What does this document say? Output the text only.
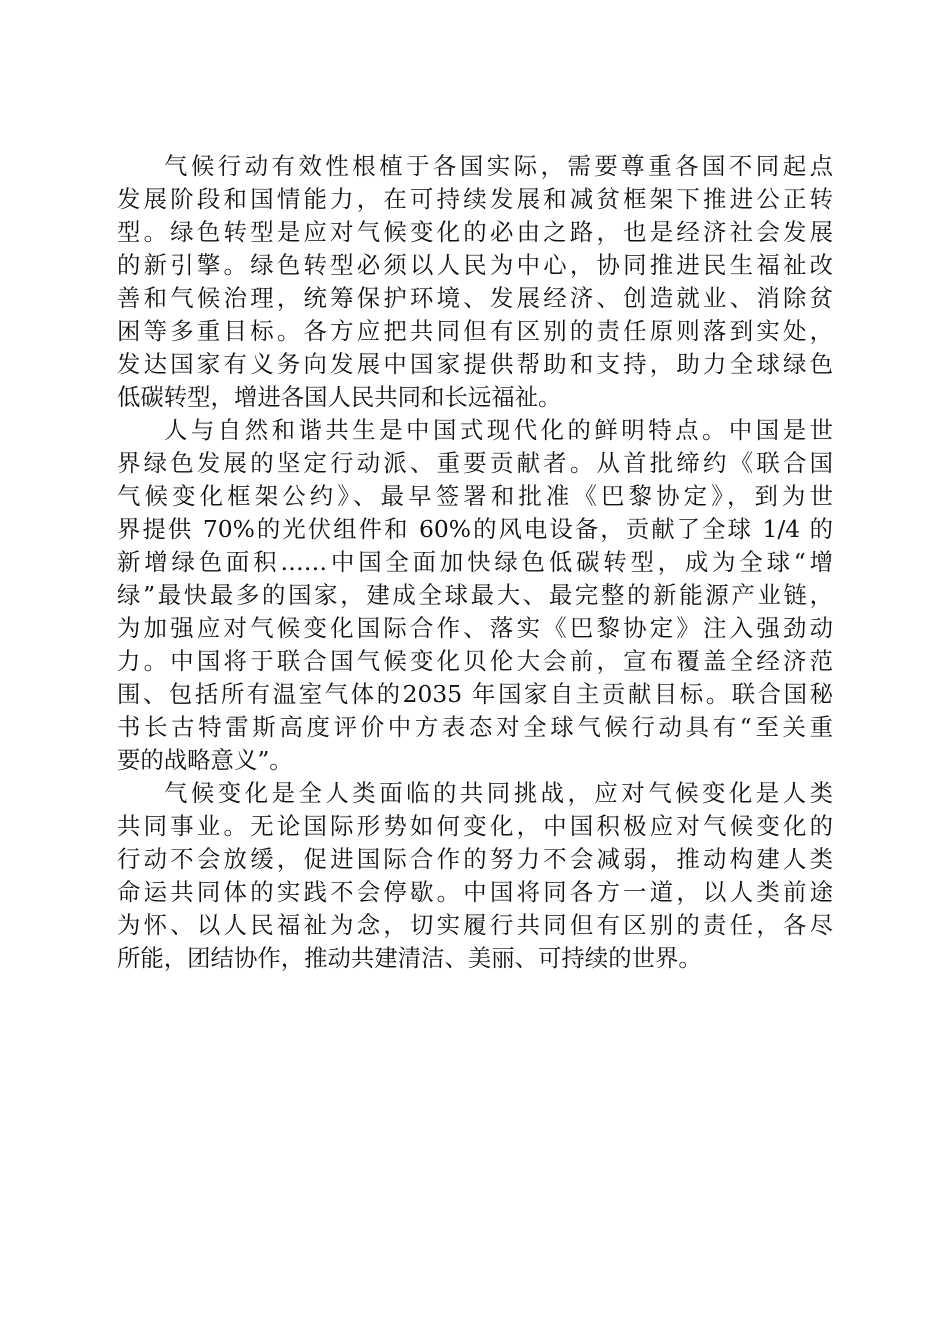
气候行动有效性根植于各国实际，需要尊重各国不同起点
发展阶段和国情能力，在可持续发展和减贫框架下推进公正转
型。绿色转型是应对气候变化的必由之路，也是经济社会发展
的新引擎。绿色转型必须以人民为中心，协同推进民生福祉改
善和气候治理，统筹保护环境、发展经济、创造就业、消除贫
困等多重目标。各方应把共同但有区别的责任原则落到实处，
发达国家有义务向发展中国家提供帮助和支持，助力全球绿色
低碳转型，增进各国人民共同和长远福祉。
人与自然和谐共生是中国式现代化的鲜明特点。中国是世
界绿色发展的坚定行动派、重要贡献者。从首批缔约《联合国
气候变化框架公约》、最早签署和批准《巴黎协定》，到为世
界提供 70%的光伏组件和 60%的风电设备，贡献了全球 1/4 的
新增绿色面积……中国全面加快绿色低碳转型，成为全球“增
绿”最快最多的国家，建成全球最大、最完整的新能源产业链，
为加强应对气候变化国际合作、落实《巴黎协定》注入强劲动
力。中国将于联合国气候变化贝伦大会前，宣布覆盖全经济范
围、包括所有温室气体的2035 年国家自主贡献目标。联合国秘
书长古特雷斯高度评价中方表态对全球气候行动具有“至关重
要的战略意义”。
气候变化是全人类面临的共同挑战，应对气候变化是人类
共同事业。无论国际形势如何变化，中国积极应对气候变化的
行动不会放缓，促进国际合作的努力不会减弱，推动构建人类
命运共同体的实践不会停歇。中国将同各方一道，以人类前途
为怀、以人民福祉为念，切实履行共同但有区别的责任，各尽
所能，团结协作，推动共建清洁、美丽、可持续的世界。
